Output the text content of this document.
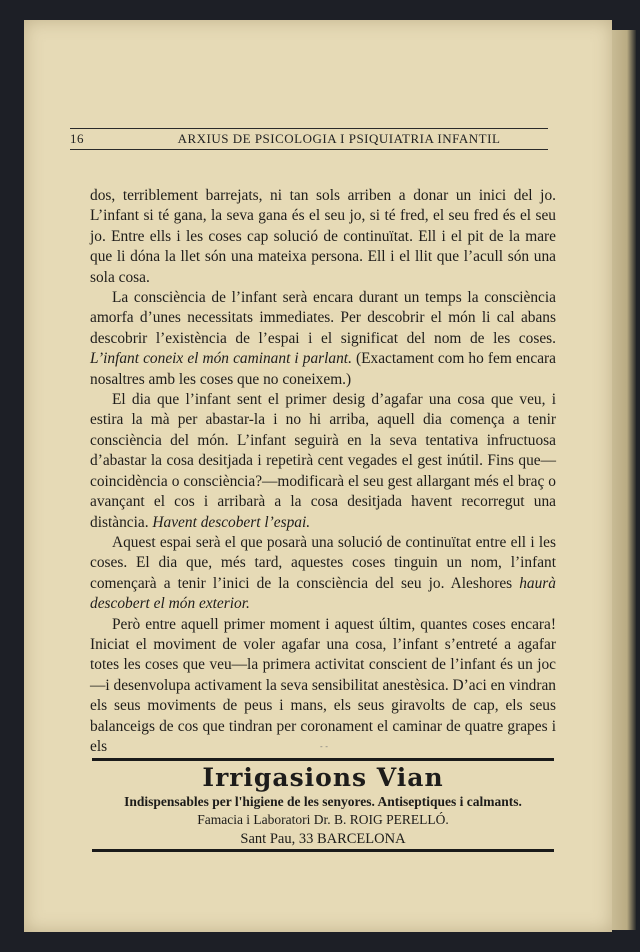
16	ARXIUS DE PSICOLOGIA I PSIQUIATRIA INFANTIL

dos, terriblement barrejats, ni tan sols arriben a donar un inici del jo. L’infant si té gana, la seva gana és el seu jo, si té fred, el seu fred és el seu jo. Entre ells i les coses cap solució de continuïtat. Ell i el pit de la mare que li dóna la llet són una mateixa persona. Ell i el llit que l’acull són una sola cosa.

La consciència de l’infant serà encara durant un temps la consciència amorfa d’unes necessitats immediates. Per descobrir el món li cal abans descobrir l’existència de l’espai i el significat del nom de les coses. L’infant coneix el món caminant i parlant. (Exactament com ho fem encara nosaltres amb les coses que no coneixem.)

El dia que l’infant sent el primer desig d’agafar una cosa que veu, i estira la mà per abastar-la i no hi arriba, aquell dia comença a tenir consciència del món. L’infant seguirà en la seva tentativa infructuosa d’abastar la cosa desitjada i repetirà cent vegades el gest inútil. Fins que—coincidència o consciència?—modificarà el seu gest allargant més el braç o avançant el cos i arribarà a la cosa desitjada havent recorregut una distància. Havent descobert l’espai.

Aquest espai serà el que posarà una solució de continuïtat entre ell i les coses. El dia que, més tard, aquestes coses tinguin un nom, l’infant començarà a tenir l’inici de la consciència del seu jo. Aleshores haurà descobert el món exterior.

Però entre aquell primer moment i aquest últim, quantes coses encara! Iniciat el moviment de voler agafar una cosa, l’infant s’entreté a agafar totes les coses que veu—la primera activitat conscient de l’infant és un joc—i desenvolupa activament la seva sensibilitat anestèsica. D’aci en vindran els seus moviments de peus i mans, els seus giravolts de cap, els seus balanceigs de cos que tindran per coronament el caminar de quatre grapes i els	- -
Irrigasions Vian
Indispensables per l'higiene de les senyores. Antiseptiques i calmants.
Famacia i Laboratori Dr. B. ROIG PERELLÓ.
Sant Pau, 33 BARCELONA
